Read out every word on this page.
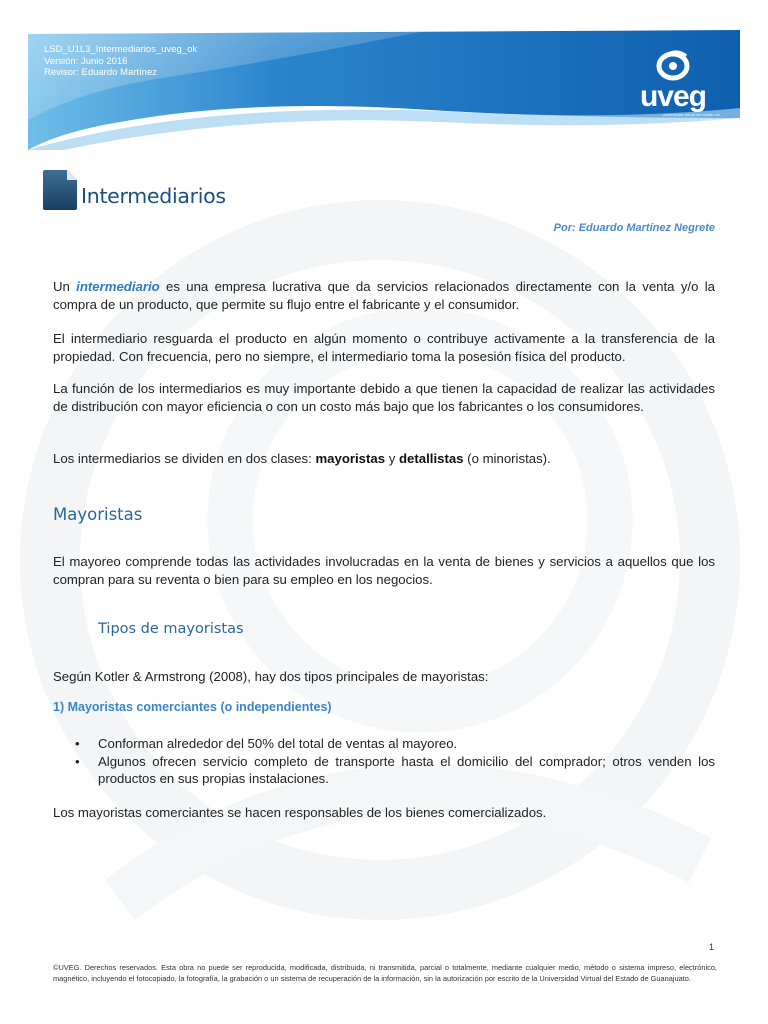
LSD_U1L3_Intermediarios_uveg_ok
Versión: Junio 2016
Revisor: Eduardo Martínez
uveg
universidad virtual del estado de guanajuato
Intermediarios
Por: Eduardo Martínez Negrete

Un intermediario es una empresa lucrativa que da servicios relacionados directamente con la venta y/o la compra de un producto, que permite su flujo entre el fabricante y el consumidor.

El intermediario resguarda el producto en algún momento o contribuye activamente a la transferencia de la propiedad. Con frecuencia, pero no siempre, el intermediario toma la posesión física del producto.

La función de los intermediarios es muy importante debido a que tienen la capacidad de realizar las actividades de distribución con mayor eficiencia o con un costo más bajo que los fabricantes o los consumidores.

Los intermediarios se dividen en dos clases: mayoristas y detallistas (o minoristas).

Mayoristas

El mayoreo comprende todas las actividades involucradas en la venta de bienes y servicios a aquellos que los compran para su reventa o bien para su empleo en los negocios.

Tipos de mayoristas

Según Kotler & Armstrong (2008), hay dos tipos principales de mayoristas:

1) Mayoristas comerciantes (o independientes)
• Conforman alrededor del 50% del total de ventas al mayoreo.
• Algunos ofrecen servicio completo de transporte hasta el domicilio del comprador; otros venden los productos en sus propias instalaciones.

Los mayoristas comerciantes se hacen responsables de los bienes comercializados.

1
©UVEG. Derechos reservados. Esta obra no puede ser reproducida, modificada, distribuida, ni transmitida, parcial o totalmente, mediante cualquier medio, método o sistema impreso, electrónico, magnético, incluyendo el fotocopiado, la fotografía, la grabación o un sistema de recuperación de la información, sin la autorización por escrito de la Universidad Virtual del Estado de Guanajuato.
